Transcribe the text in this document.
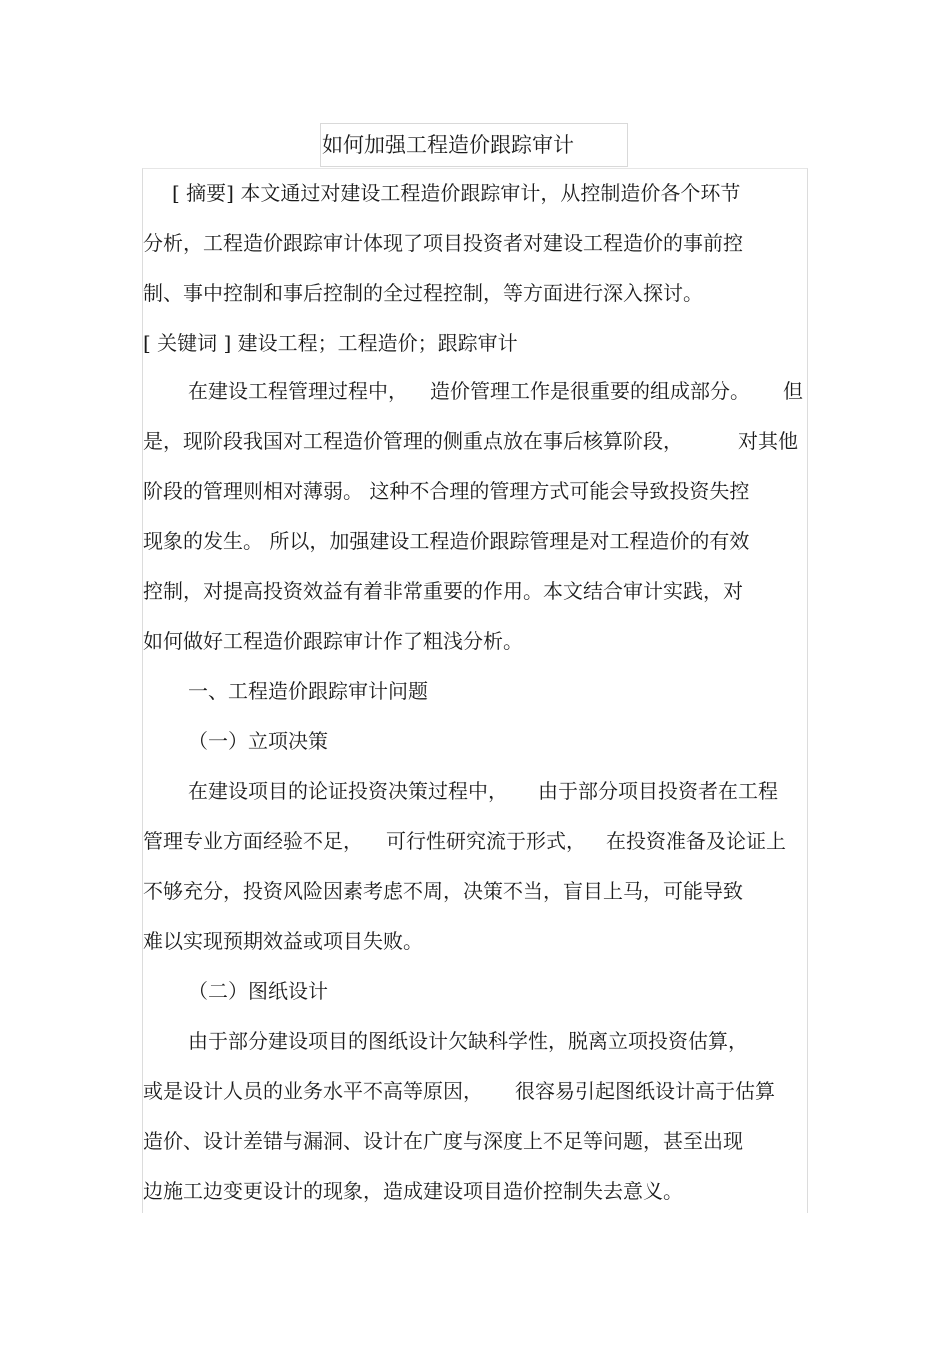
如何加强工程造价跟踪审计
[ 摘要] 本文通过对建设工程造价跟踪审计，从控制造价各个环节
分析，工程造价跟踪审计体现了项目投资者对建设工程造价的事前控
制、事中控制和事后控制的全过程控制，等方面进行深入探讨。
[ 关键词 ] 建设工程；工程造价；跟踪审计
在建设工程管理过程中， 造价管理工作是很重要的组成部分。 但
是，现阶段我国对工程造价管理的侧重点放在事后核算阶段，	对其他
阶段的管理则相对薄弱。 这种不合理的管理方式可能会导致投资失控
现象的发生。 所以，加强建设工程造价跟踪管理是对工程造价的有效
控制，对提高投资效益有着非常重要的作用。本文结合审计实践，对
如何做好工程造价跟踪审计作了粗浅分析。
一、工程造价跟踪审计问题
（一）立项决策
在建设项目的论证投资决策过程中， 由于部分项目投资者在工程
管理专业方面经验不足， 可行性研究流于形式， 在投资准备及论证上
不够充分，投资风险因素考虑不周，决策不当，盲目上马，可能导致
难以实现预期效益或项目失败。
（二）图纸设计
由于部分建设项目的图纸设计欠缺科学性，脱离立项投资估算，
或是设计人员的业务水平不高等原因， 很容易引起图纸设计高于估算
造价、设计差错与漏洞、设计在广度与深度上不足等问题，甚至出现
边施工边变更设计的现象，造成建设项目造价控制失去意义。
